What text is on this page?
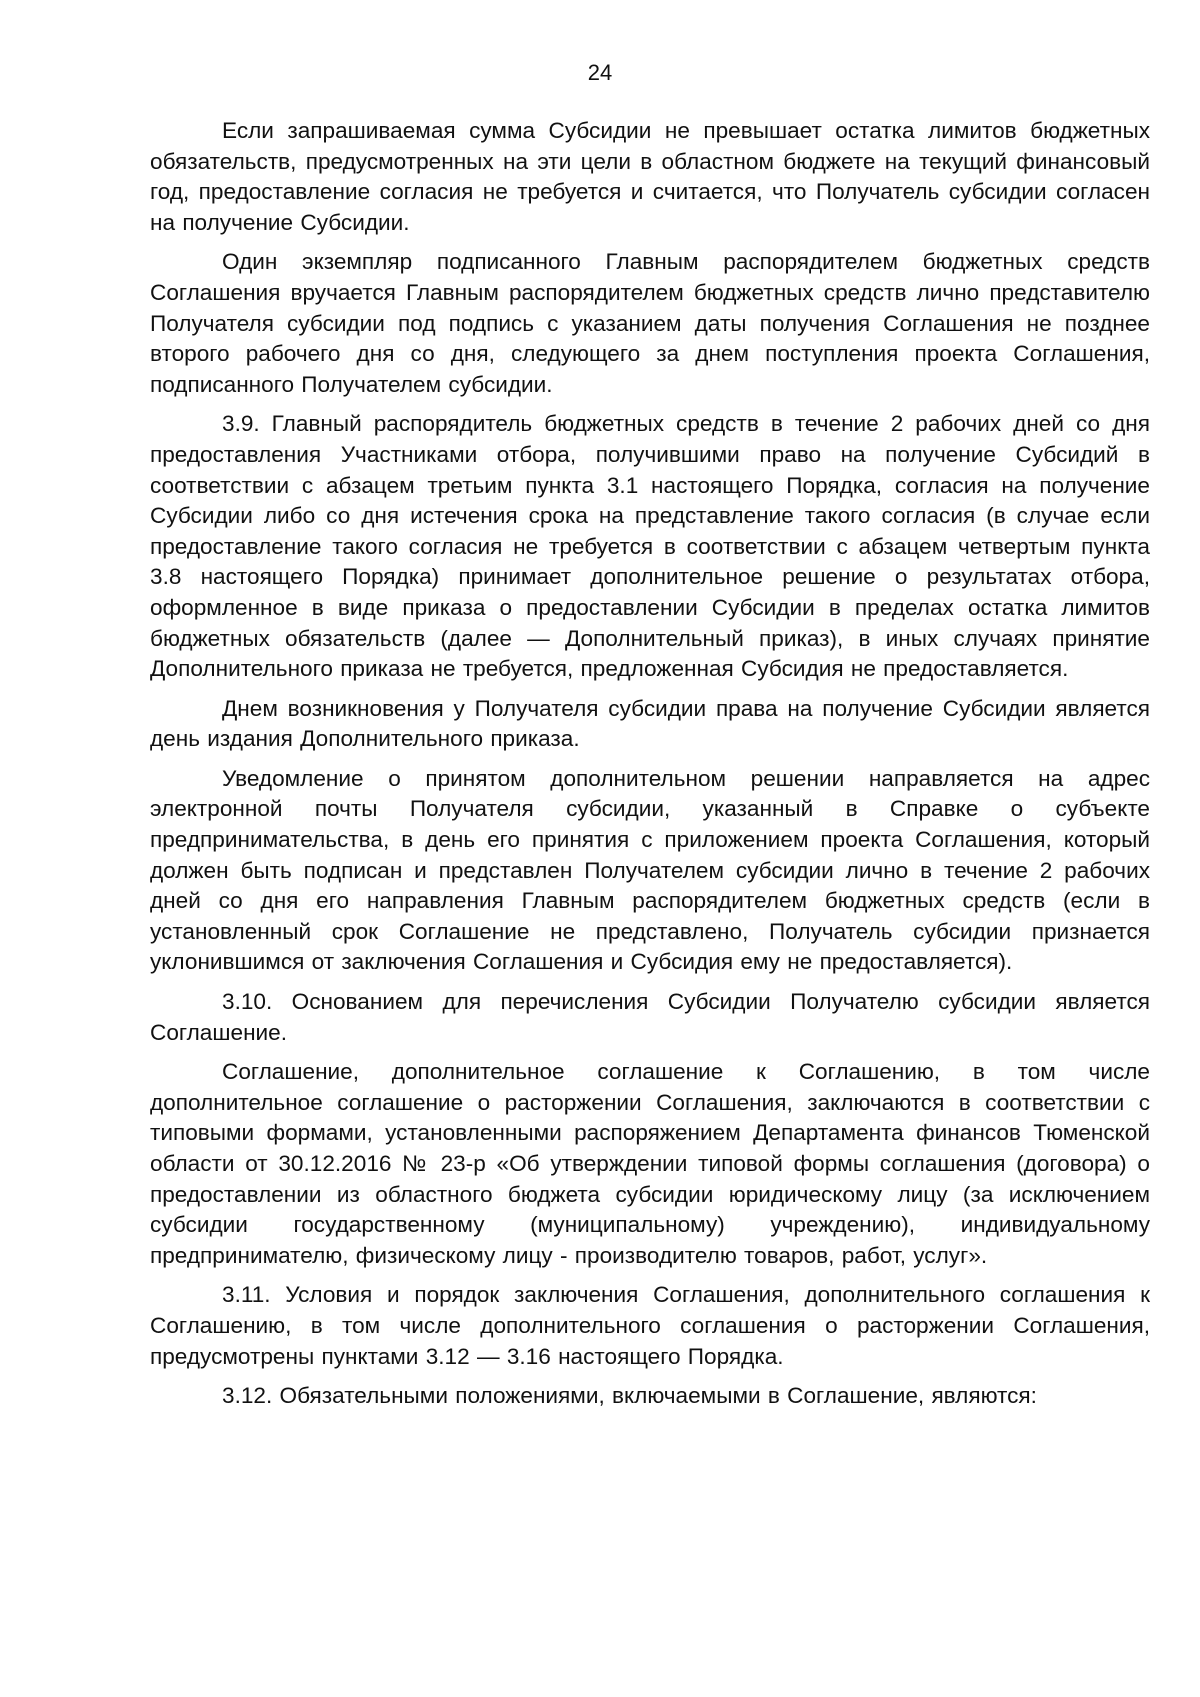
24

Если запрашиваемая сумма Субсидии не превышает остатка лимитов бюджетных обязательств, предусмотренных на эти цели в областном бюджете на текущий финансовый год, предоставление согласия не требуется и считается, что Получатель субсидии согласен на получение Субсидии.

Один экземпляр подписанного Главным распорядителем бюджетных средств Соглашения вручается Главным распорядителем бюджетных средств лично представителю Получателя субсидии под подпись с указанием даты получения Соглашения не позднее второго рабочего дня со дня, следующего за днем поступления проекта Соглашения, подписанного Получателем субсидии.

3.9. Главный распорядитель бюджетных средств в течение 2 рабочих дней со дня предоставления Участниками отбора, получившими право на получение Субсидий в соответствии с абзацем третьим пункта 3.1 настоящего Порядка, согласия на получение Субсидии либо со дня истечения срока на представление такого согласия (в случае если предоставление такого согласия не требуется в соответствии с абзацем четвертым пункта 3.8 настоящего Порядка) принимает дополнительное решение о результатах отбора, оформленное в виде приказа о предоставлении Субсидии в пределах остатка лимитов бюджетных обязательств (далее — Дополнительный приказ), в иных случаях принятие Дополнительного приказа не требуется, предложенная Субсидия не предоставляется.

Днем возникновения у Получателя субсидии права на получение Субсидии является день издания Дополнительного приказа.

Уведомление о принятом дополнительном решении направляется на адрес электронной почты Получателя субсидии, указанный в Справке о субъекте предпринимательства, в день его принятия с приложением проекта Соглашения, который должен быть подписан и представлен Получателем субсидии лично в течение 2 рабочих дней со дня его направления Главным распорядителем бюджетных средств (если в установленный срок Соглашение не представлено, Получатель субсидии признается уклонившимся от заключения Соглашения и Субсидия ему не предоставляется).

3.10. Основанием для перечисления Субсидии Получателю субсидии является Соглашение.

Соглашение, дополнительное соглашение к Соглашению, в том числе дополнительное соглашение о расторжении Соглашения, заключаются в соответствии с типовыми формами, установленными распоряжением Департамента финансов Тюменской области от 30.12.2016 № 23-р «Об утверждении типовой формы соглашения (договора) о предоставлении из областного бюджета субсидии юридическому лицу (за исключением субсидии государственному (муниципальному) учреждению), индивидуальному предпринимателю, физическому лицу - производителю товаров, работ, услуг».

3.11. Условия и порядок заключения Соглашения, дополнительного соглашения к Соглашению, в том числе дополнительного соглашения о расторжении Соглашения, предусмотрены пунктами 3.12 — 3.16 настоящего Порядка.

3.12. Обязательными положениями, включаемыми в Соглашение, являются:
